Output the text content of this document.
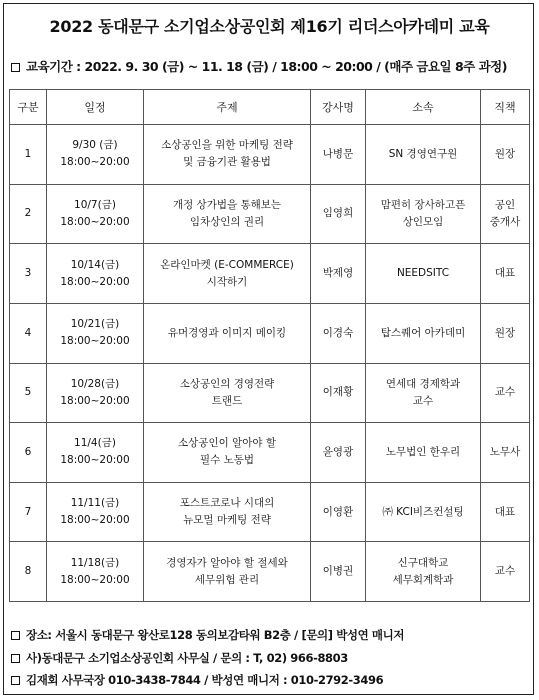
2022 동대문구 소기업소상공인회 제16기 리더스아카데미 교육
교육기간 : 2022. 9. 30 (금) ~ 11. 18 (금) / 18:00 ~ 20:00 / (매주 금요일 8주 과정)
구분	일정	주제	강사명	소속	직책
1	9/30 (금)
18:00~20:00	소상공인을 위한 마케팅 전략
및 금융기관 활용법	나병문	SN 경영연구원	원장
2	10/7(금)
18:00~20:00	개정 상가법을 통해보는
임차상인의 권리	임영희	맘편히 장사하고픈
상인모임	공인
중개사
3	10/14(금)
18:00~20:00	온라인마켓 (E-COMMERCE)
시작하기	박제영	NEEDSITC	대표
4	10/21(금)
18:00~20:00	유머경영과 이미지 메이킹	이경숙	탑스퀘어 아카데미	원장
5	10/28(금)
18:00~20:00	소상공인의 경영전략
트랜드	이재황	연세대 경제학과
교수	교수
6	11/4(금)
18:00~20:00	소상공인이 알아야 할
필수 노동법	윤영광	노무법인 한우리	노무사
7	11/11(금)
18:00~20:00	포스트코로나 시대의
뉴모멀 마케팅 전략	이영환	㈜ KCI비즈컨설팅	대표
8	11/18(금)
18:00~20:00	경영자가 알아야 할 절세와
세무위험 관리	이병권	신구대학교
세무회계학과	교수
장소: 서울시 동대문구 왕산로128 동의보감타워 B2층 / [문의] 박성연 매니저
사)동대문구 소기업소상공인회 사무실 / 문의 : T, 02) 966-8803
김재회 사무국장 010-3438-7844 / 박성연 매니저 : 010-2792-3496
